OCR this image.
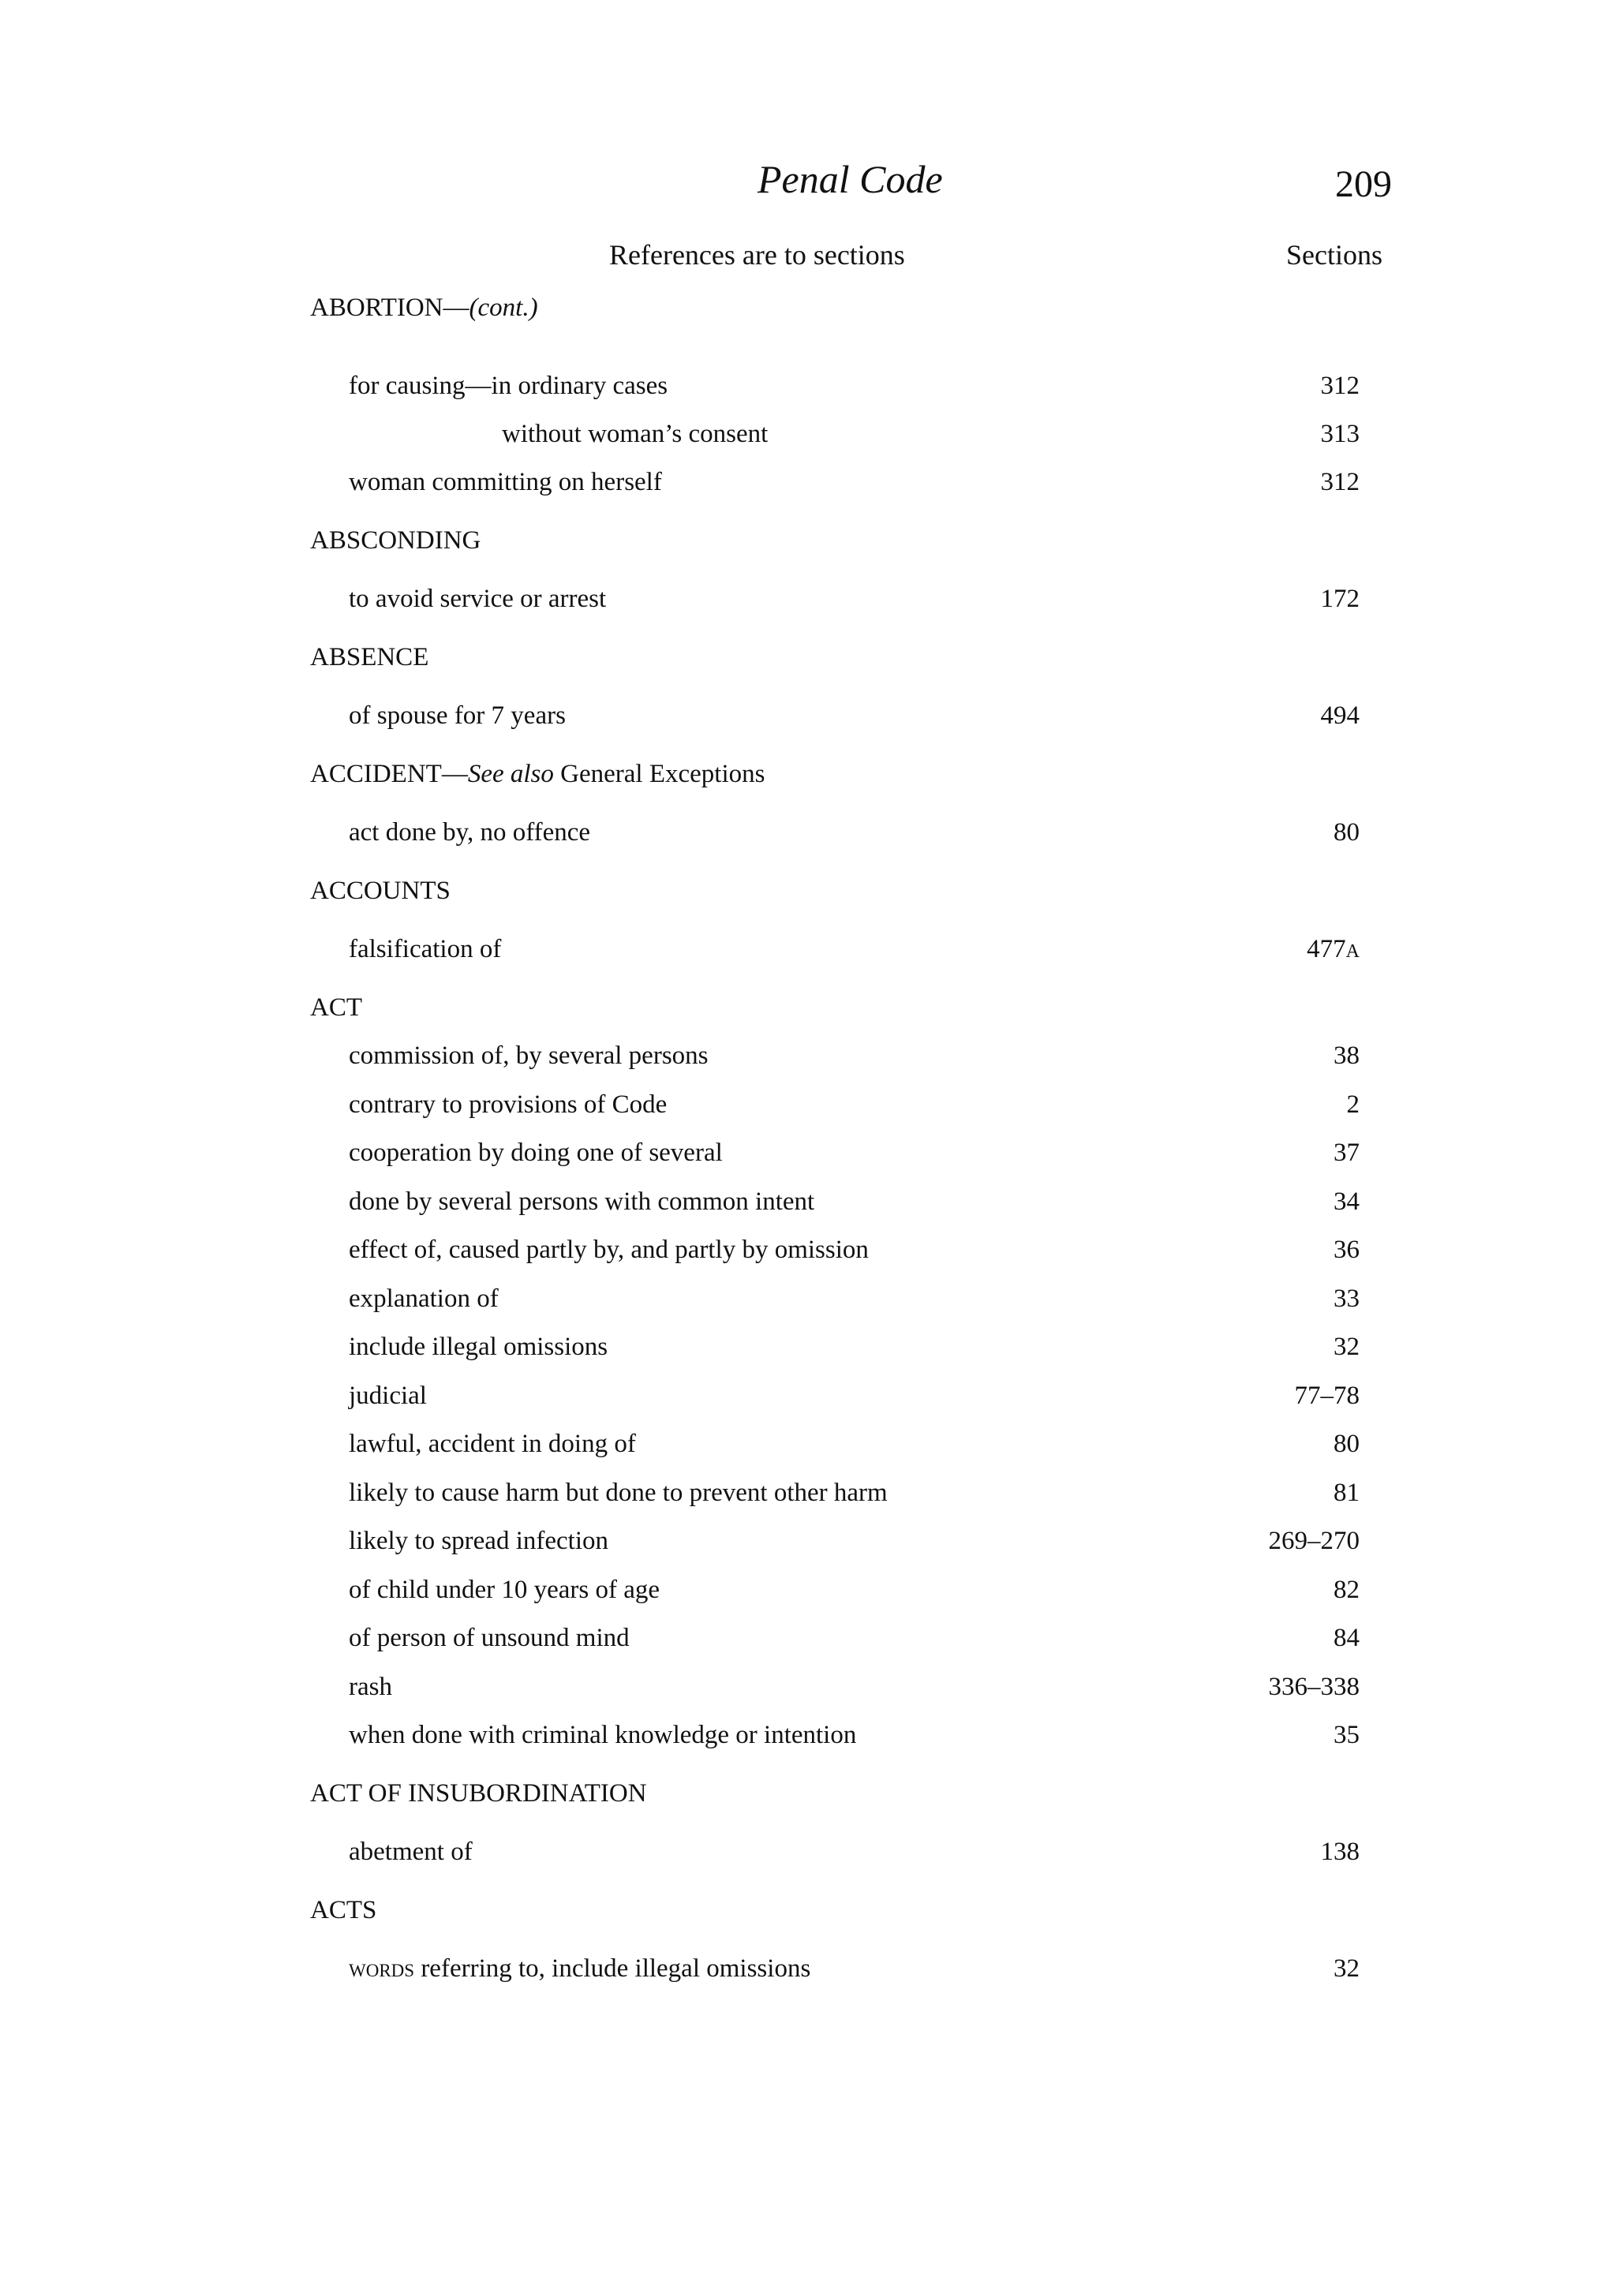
Penal Code	209
References are to sections	Sections
ABORTION—(cont.)
for causing—in ordinary cases	312
without woman’s consent	313
woman committing on herself	312
ABSCONDING
to avoid service or arrest	172
ABSENCE
of spouse for 7 years	494
ACCIDENT—See also General Exceptions
act done by, no offence	80
ACCOUNTS
falsification of	477A
ACT
commission of, by several persons	38
contrary to provisions of Code	2
cooperation by doing one of several	37
done by several persons with common intent	34
effect of, caused partly by, and partly by omission	36
explanation of	33
include illegal omissions	32
judicial	77–78
lawful, accident in doing of	80
likely to cause harm but done to prevent other harm	81
likely to spread infection	269–270
of child under 10 years of age	82
of person of unsound mind	84
rash	336–338
when done with criminal knowledge or intention	35
ACT OF INSUBORDINATION
abetment of	138
ACTS
words referring to, include illegal omissions	32
